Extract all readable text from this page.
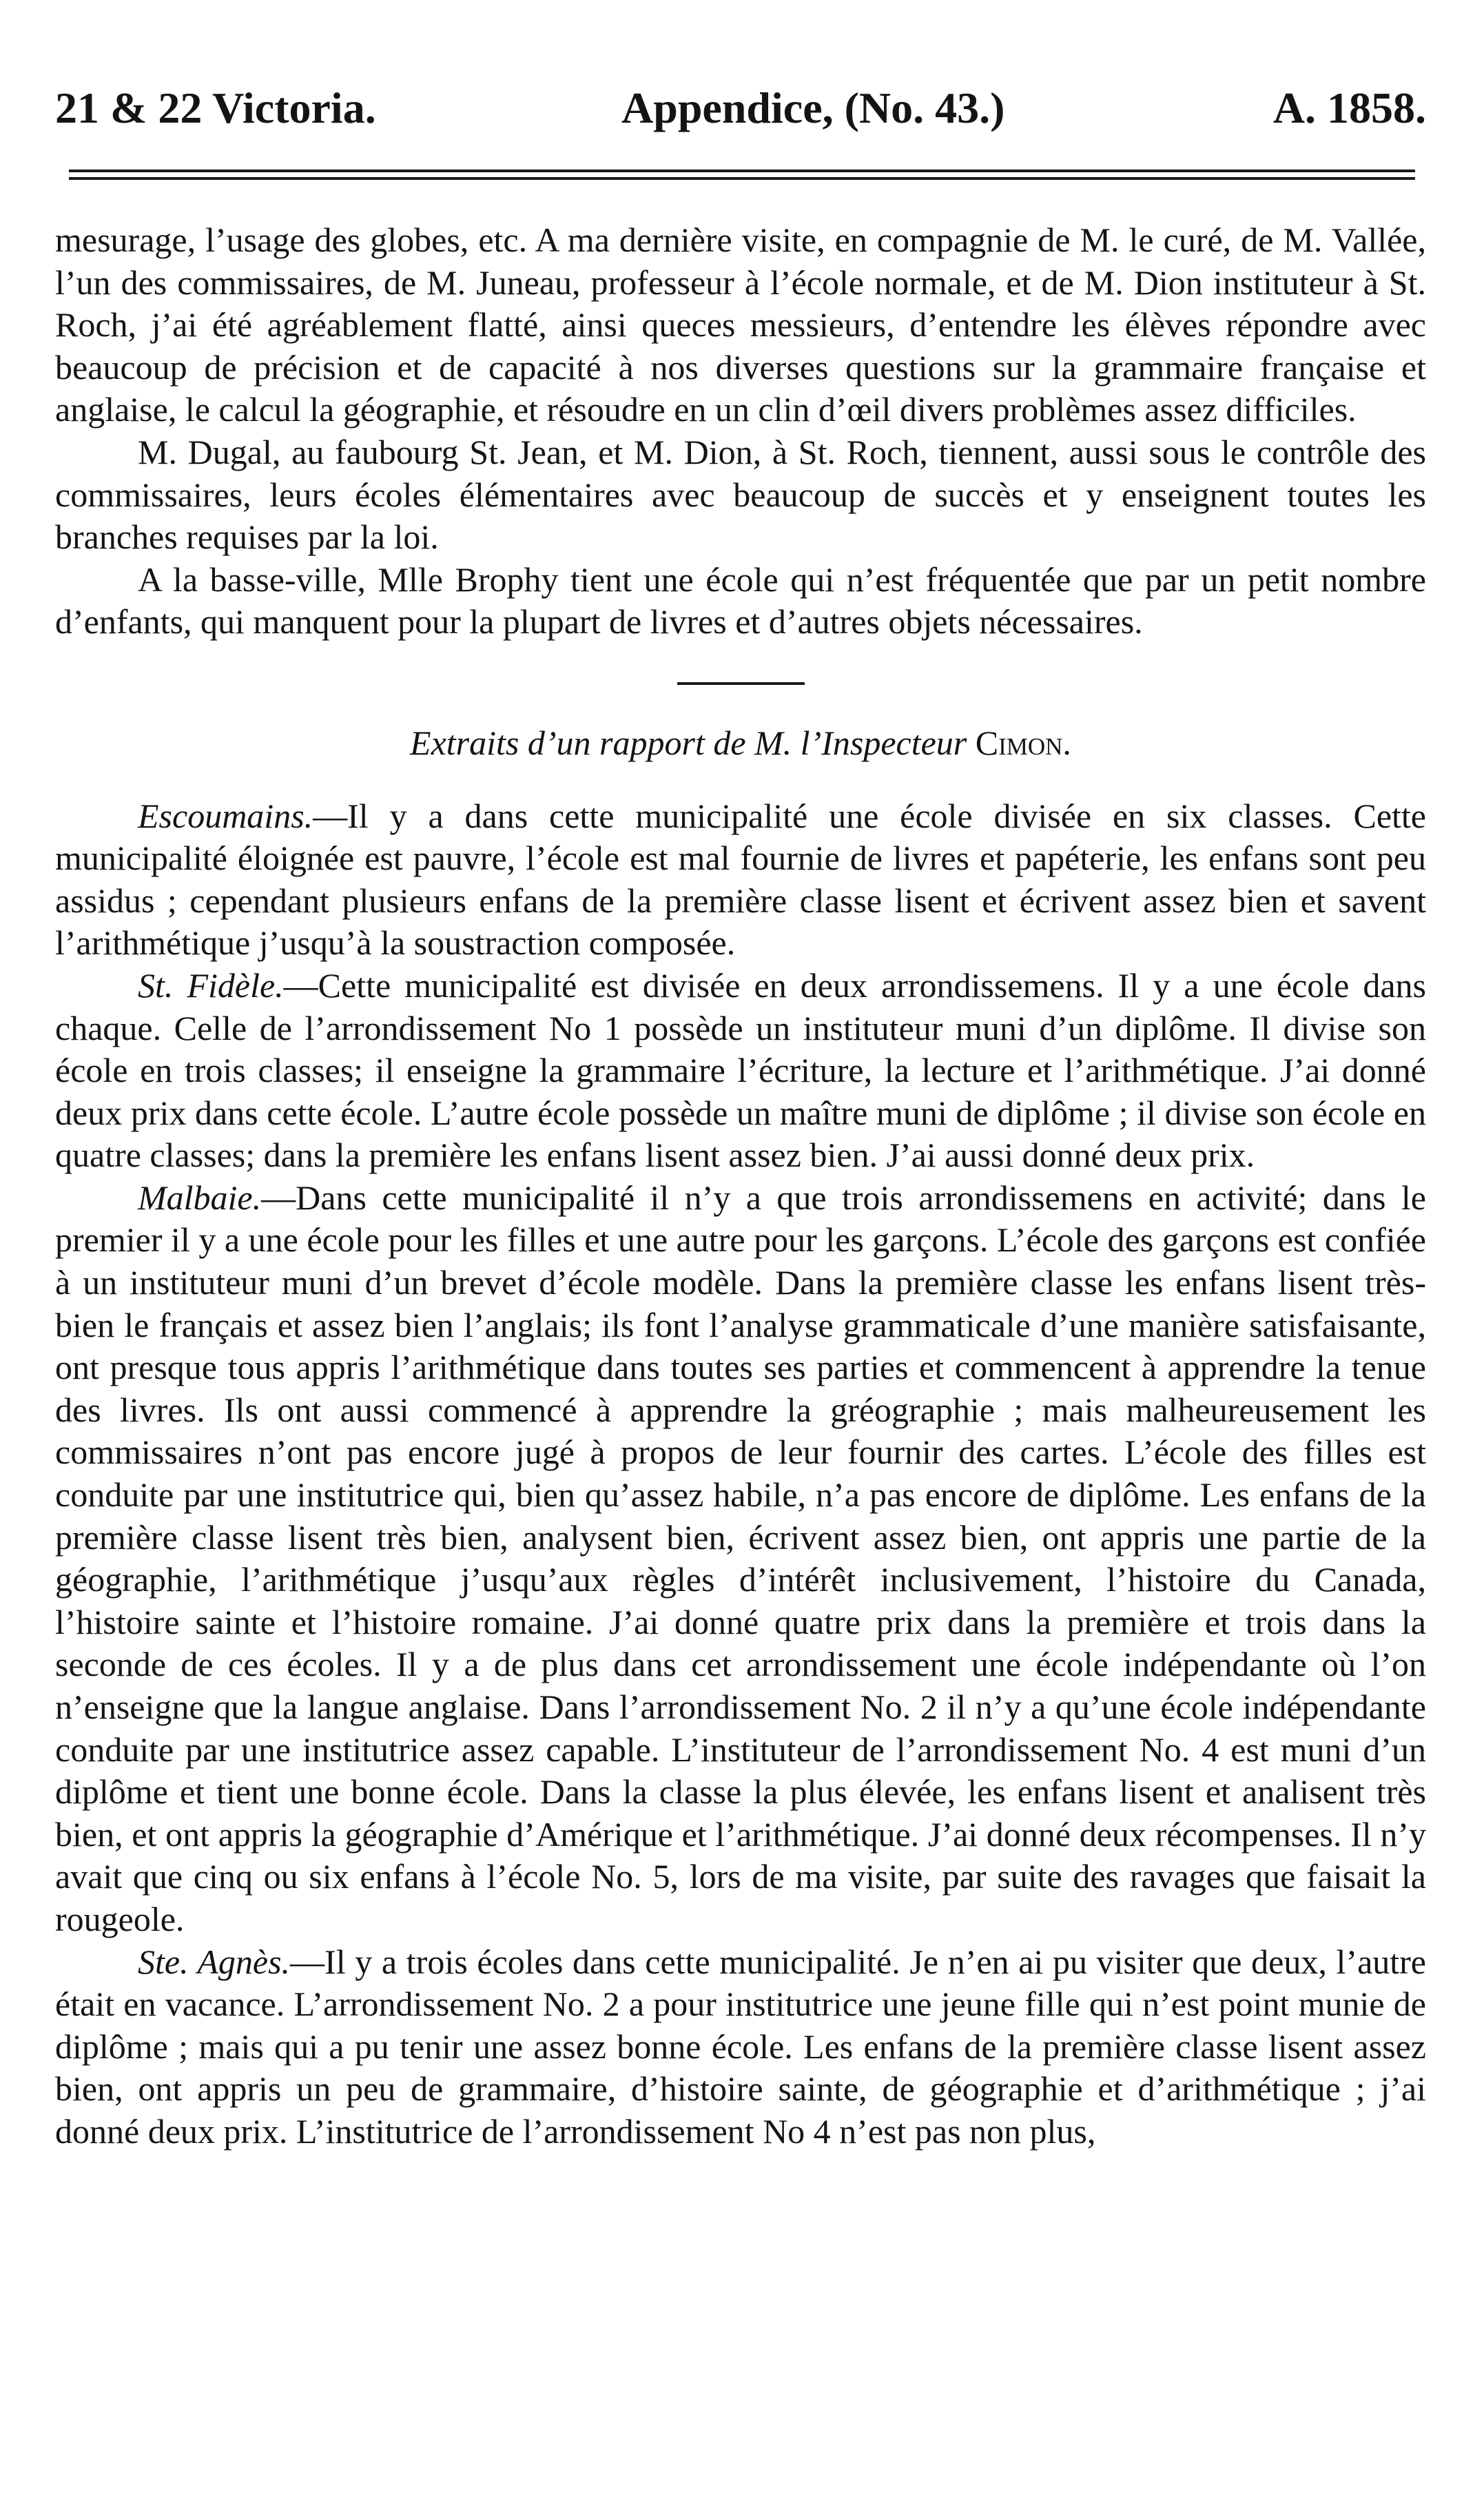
21 & 22 Victoria.	Appendice, (No. 43.)	A. 1858.

mesurage, l’usage des globes, etc. A ma dernière visite, en compagnie de M. le curé, de M. Vallée, l’un des commissaires, de M. Juneau, professeur à l’école normale, et de M. Dion instituteur à St. Roch, j’ai été agréablement flatté, ainsi queces messieurs, d’entendre les élèves répondre avec beaucoup de précision et de capacité à nos diverses questions sur la grammaire française et anglaise, le calcul la géographie, et résoudre en un clin d’œil divers problèmes assez difficiles.

M. Dugal, au faubourg St. Jean, et M. Dion, à St. Roch, tiennent, aussi sous le contrôle des commissaires, leurs écoles élémentaires avec beaucoup de succès et y enseignent toutes les branches requises par la loi.

A la basse-ville, Mlle Brophy tient une école qui n’est fréquentée que par un petit nombre d’enfants, qui manquent pour la plupart de livres et d’autres objets nécessaires.

Extraits d’un rapport de M. l’Inspecteur Cimon.

Escoumains.—Il y a dans cette municipalité une école divisée en six classes. Cette municipalité éloignée est pauvre, l’école est mal fournie de livres et papéterie, les enfans sont peu assidus ; cependant plusieurs enfans de la première classe lisent et écrivent assez bien et savent l’arithmétique j’usqu’à la soustraction composée.

St. Fidèle.—Cette municipalité est divisée en deux arrondissemens. Il y a une école dans chaque. Celle de l’arrondissement No 1 possède un instituteur muni d’un diplôme. Il divise son école en trois classes; il enseigne la grammaire l’écriture, la lecture et l’arithmétique. J’ai donné deux prix dans cette école. L’autre école possède un maître muni de diplôme ; il divise son école en quatre classes; dans la première les enfans lisent assez bien. J’ai aussi donné deux prix.

Malbaie.—Dans cette municipalité il n’y a que trois arrondissemens en activité; dans le premier il y a une école pour les filles et une autre pour les garçons. L’école des garçons est confiée à un instituteur muni d’un brevet d’école modèle. Dans la première classe les enfans lisent très-bien le français et assez bien l’anglais; ils font l’analyse grammaticale d’une manière satisfaisante, ont presque tous appris l’arithmétique dans toutes ses parties et commencent à apprendre la tenue des livres. Ils ont aussi commencé à apprendre la gréographie ; mais malheureusement les commissaires n’ont pas encore jugé à propos de leur fournir des cartes. L’école des filles est conduite par une institutrice qui, bien qu’assez habile, n’a pas encore de diplôme. Les enfans de la première classe lisent très bien, analysent bien, écrivent assez bien, ont appris une partie de la géographie, l’arithmétique j’usqu’aux règles d’intérêt inclusivement, l’histoire du Canada, l’histoire sainte et l’histoire romaine. J’ai donné quatre prix dans la première et trois dans la seconde de ces écoles. Il y a de plus dans cet arrondissement une école indépendante où l’on n’enseigne que la langue anglaise. Dans l’arrondissement No. 2 il n’y a qu’une école indépendante conduite par une institutrice assez capable. L’instituteur de l’arrondissement No. 4 est muni d’un diplôme et tient une bonne école. Dans la classe la plus élevée, les enfans lisent et analisent très bien, et ont appris la géographie d’Amérique et l’arithmétique. J’ai donné deux récompenses. Il n’y avait que cinq ou six enfans à l’école No. 5, lors de ma visite, par suite des ravages que faisait la rougeole.

Ste. Agnès.—Il y a trois écoles dans cette municipalité. Je n’en ai pu visiter que deux, l’autre était en vacance. L’arrondissement No. 2 a pour institutrice une jeune fille qui n’est point munie de diplôme ; mais qui a pu tenir une assez bonne école. Les enfans de la première classe lisent assez bien, ont appris un peu de grammaire, d’histoire sainte, de géographie et d’arithmétique ; j’ai donné deux prix. L’institutrice de l’arrondissement No 4 n’est pas non plus,
